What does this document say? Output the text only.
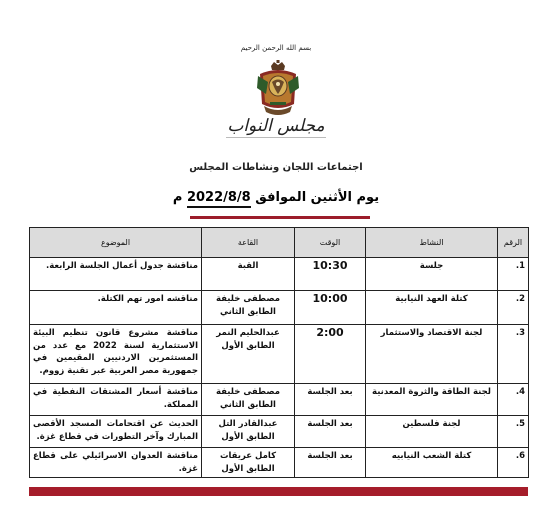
بسم الله الرحمن الرحيم
مجلس النواب
اجتماعات اللجان ونشاطات المجلس
يوم الأثنين الموافق 2022/8/8 م
الرقم	النشاط	الوقت	القاعة	الموضوع
1.	جلسة	10:30	القبة	مناقشة جدول أعمال الجلسة الرابعة.
2.	كتلة العهد النيابية	10:00	مصطفى خليفة الطابق الثاني	مناقشه امور تهم الكتلة.
3.	لجنة الاقتصاد والاستثمار	2:00	عبدالحليم النمر الطابق الأول	مناقشة مشروع قانون تنظيم البيئة الاستثمارية لسنة 2022 مع عدد من المستثمرين الاردنيين المقيمين في جمهورية مصر العربية عبر تقنية زووم.
4.	لجنة الطاقة والثروة المعدنية	بعد الجلسة	مصطفى خليفة الطابق الثاني	مناقشة أسعار المشتقات النفطية في المملكة.
5.	لجنة فلسطين	بعد الجلسة	عبدالقادر التل الطابق الأول	الحديث عن اقتحامات المسجد الأقصى المبارك وآخر التطورات في قطاع غزة.
6.	كتلة الشعب النيابيه	بعد الجلسة	كامل عريقات الطابق الأول	مناقشة العدوان الاسرائيلي على قطاع غزة.
